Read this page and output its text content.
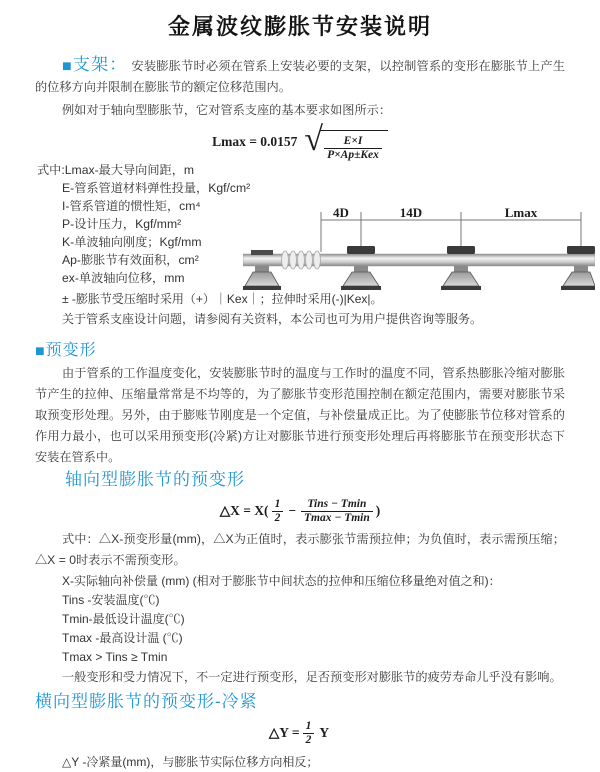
金属波纹膨胀节安装说明

■支架： 安装膨胀节时必须在管系上安装必要的支架，以控制管系的变形在膨胀节上产生的位移方向并限制在膨胀节的额定位移范围内。

例如对于轴向型膨胀节，它对管系支座的基本要求如图所示：

Lmax = 0.0157 √ $\frac{E\times I}{\text{P×Ap±Kex}}$
式中:Lmax-最大导向间距，m
E-管系管道材料弹性投量，Kgf/cm²
I-管系管道的惯性矩，cm⁴
P-设计压力，Kgf/mm²
K-单波轴向刚度；Kgf/mm
Ap-膨胀节有效面积，cm²
ex-单波轴向位移，mm
± -膨胀节受压缩时采用（+）｜Kex｜；拉伸时采用(-)|Kex|。
关于管系支座设计问题，请参阅有关资料，本公司也可为用户提供咨询等服务。
■预变形

由于管系的工作温度变化，安装膨胀节时的温度与工作时的温度不同，管系热膨胀冷缩对膨胀节产生的拉伸、压缩量常常是不均等的，为了膨胀节变形范围控制在额定范围内，需要对膨胀节采取预变形处理。另外，由于膨账节刚度是一个定值，与补偿量成正比。为了使膨胀节位移对管系的作用力最小，也可以采用预变形(冷紧)方让对膨胀节进行预变形处理后再将膨胀节在预变形状态下安装在管系中。

轴向型膨胀节的预变形
△X = $X( \frac{1}{2} - \frac{\text{Tins − Tmin}}{Tmax - Tmin}$ )

式中：△X-预变形量(mm)，△X为正值时，表示膨张节需预拉伸；为负值时，表示需预压缩；△X = 0时表示不需预变形。

X-实际轴向补偿量 (mm) (相对于膨胀节中间状态的拉伸和压缩位移量绝对值之和)：
Tins -安装温度(℃)
Tmin-最低设计温度(℃)
Tmax -最高设计温 (℃)
Tmax > Tins ≥ Tmin

一般变形和受力情况下，不一定进行预变形，足否预变形对膨胀节的疲劳寿命儿乎没有影响。

横向型膨胀节的预变形-冷紧
△Y = $\frac{1}{2}$ Y
△Y -冷紧量(mm)，与膨胀节实际位移方向相反；
4D	14D	Lmax
